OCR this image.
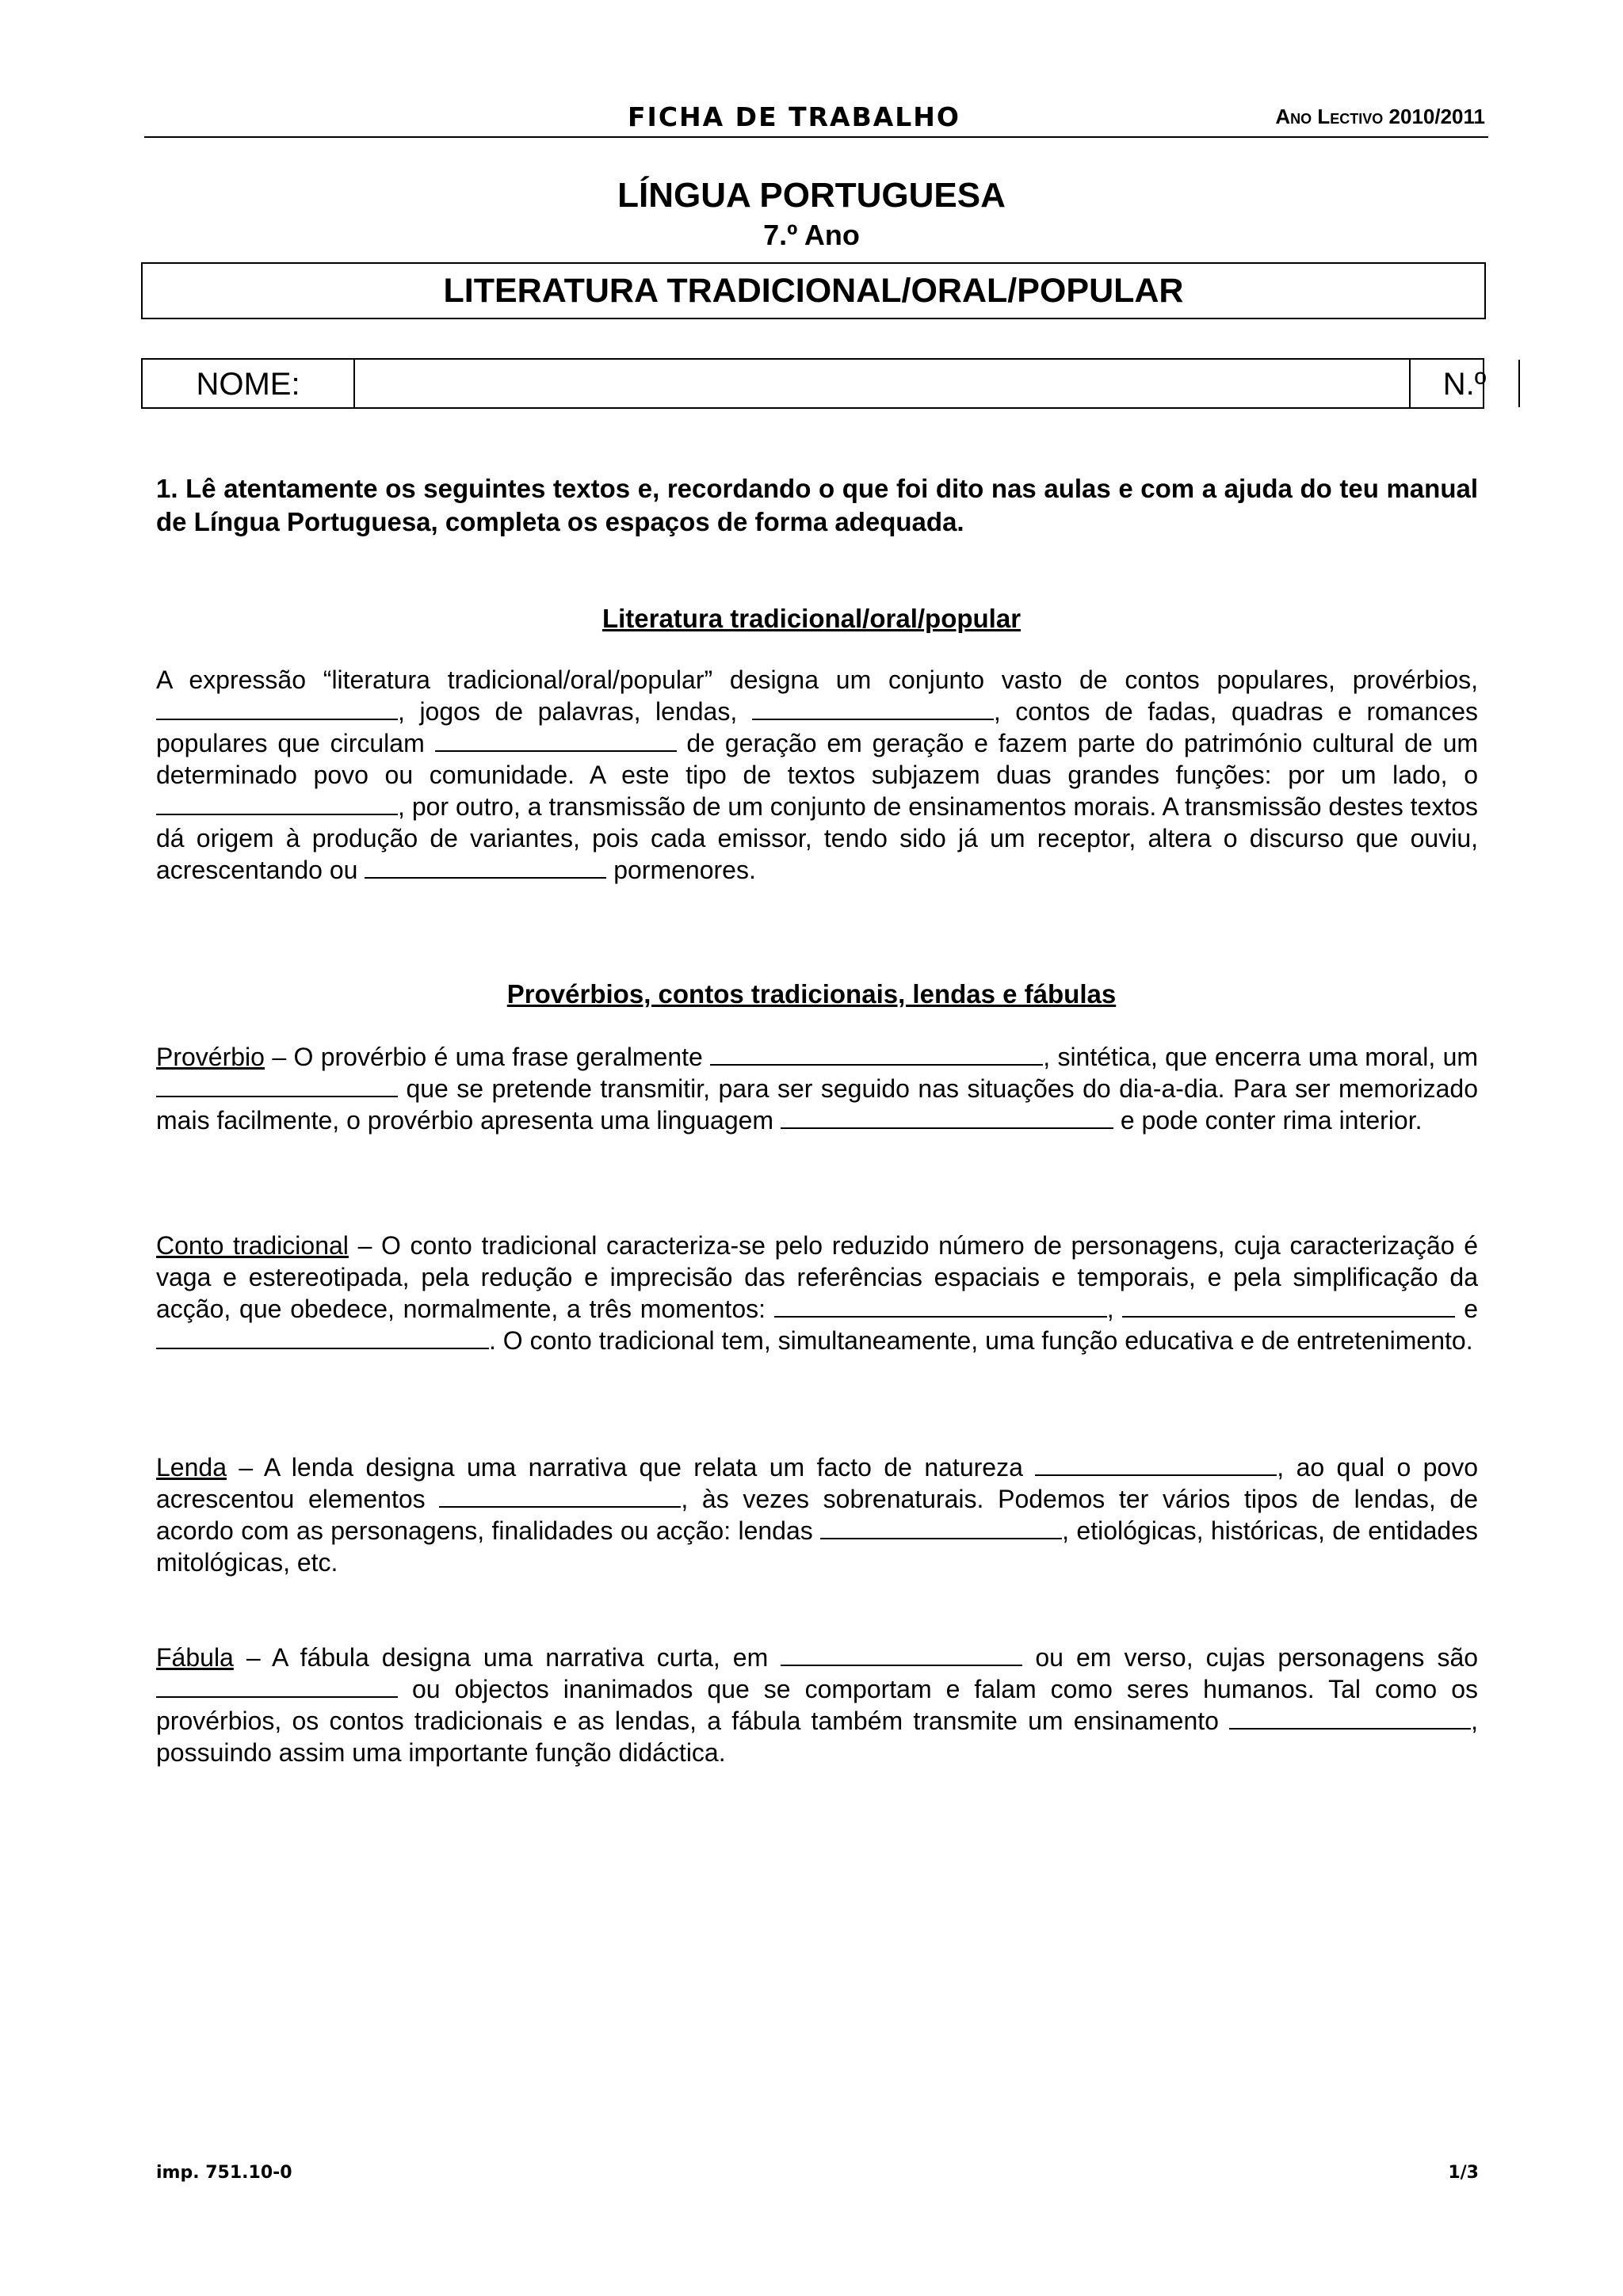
FICHA DE TRABALHO	Ano Lectivo 2010/2011
LÍNGUA PORTUGUESA
7.º Ano
LITERATURA TRADICIONAL/ORAL/POPULAR
NOME:	N.º
1. Lê atentamente os seguintes textos e, recordando o que foi dito nas aulas e com a ajuda do teu manual de Língua Portuguesa, completa os espaços de forma adequada.
Literatura tradicional/oral/popular
A expressão “literatura tradicional/oral/popular” designa um conjunto vasto de contos populares, provérbios, , jogos de palavras, lendas,	, contos de fadas, quadras e romances populares que circulam	de geração em geração e fazem parte do património cultural de um determinado povo ou comunidade. A este tipo de textos subjazem duas grandes funções: por um lado, o , por outro, a transmissão de um conjunto de ensinamentos morais. A transmissão destes textos dá origem à produção de variantes, pois cada emissor, tendo sido já um receptor, altera o discurso que ouviu, acrescentando ou	pormenores.
Provérbios, contos tradicionais, lendas e fábulas
Provérbio – O provérbio é uma frase geralmente	, sintética, que encerra uma moral, um  que se pretende transmitir, para ser seguido nas situações do dia-a-dia. Para ser memorizado mais facilmente, o provérbio apresenta uma linguagem	e pode conter rima interior.
Conto tradicional – O conto tradicional caracteriza-se pelo reduzido número de personagens, cuja caracterização é vaga e estereotipada, pela redução e imprecisão das referências espaciais e temporais, e pela simplificação da acção, que obedece, normalmente, a três momentos:	,	e . O conto tradicional tem, simultaneamente, uma função educativa e de entretenimento.
Lenda – A lenda designa uma narrativa que relata um facto de natureza	, ao qual o povo acrescentou elementos	, às vezes sobrenaturais. Podemos ter vários tipos de lendas, de acordo com as personagens, finalidades ou acção: lendas	, etiológicas, históricas, de entidades mitológicas, etc.
Fábula – A fábula designa uma narrativa curta, em	ou em verso, cujas personagens são  ou objectos inanimados que se comportam e falam como seres humanos. Tal como os provérbios, os contos tradicionais e as lendas, a fábula também transmite um ensinamento	, possuindo assim uma importante função didáctica.
imp. 751.10-0	1/3
